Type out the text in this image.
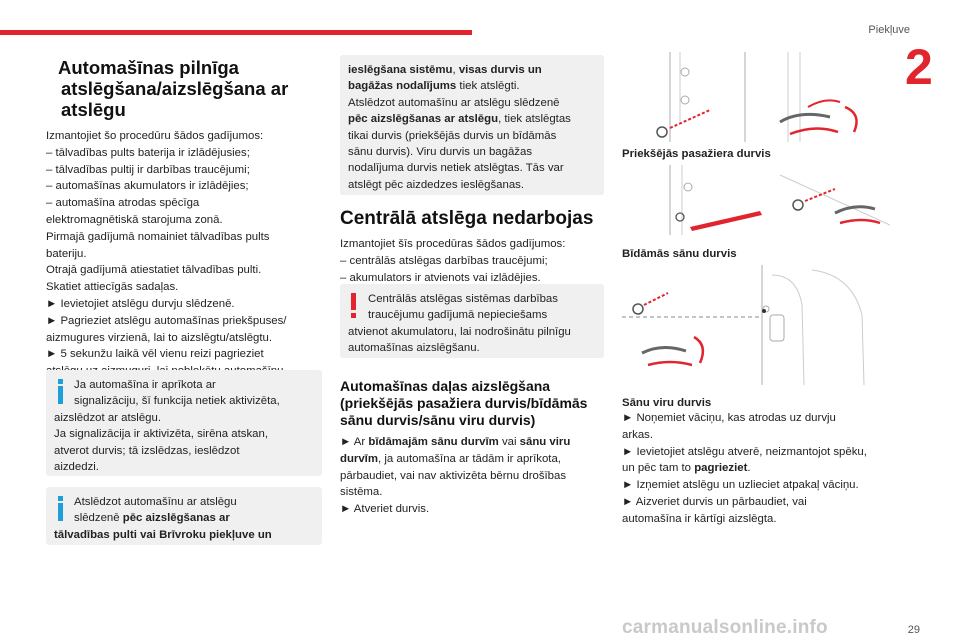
Piekļuve
2
Automašīnas pilnīga
atslēgšana/aizslēgšana ar
atslēgu
Izmantojiet šo procedūru šādos gadījumos:
– tālvadības pults baterija ir izlādējusies;
– tālvadības pultij ir darbības traucējumi;
– automašīnas akumulators ir izlādējies;
– automašīna atrodas spēcīga
elektromagnētiskā starojuma zonā.
Pirmajā gadījumā nomainiet tālvadības pults
bateriju.
Otrajā gadījumā atiestatiet tālvadības pulti.
Skatiet attiecīgās sadaļas.
► Ievietojiet atslēgu durvju slēdzenē.
► Pagrieziet atslēgu automašīnas priekšpuses/
aizmugures virzienā, lai to aizslēgtu/atslēgtu.
► 5 sekunžu laikā vēl vienu reizi pagrieziet
Ja automašīna ir aprīkota ar
signalizāciju, šī funkcija netiek aktivizēta,
aizslēdzot ar atslēgu.
Ja signalizācija ir aktivizēta, sirēna atskan,
atverot durvis; tā izslēdzas, ieslēdzot
aizdedzi.
Atslēdzot automašīnu ar atslēgu
slēdzenē pēc aizslēgšanas ar
tālvadības pulti vai Brīvroku piekļuve un
ieslēgšana sistēmu, visas durvis un
bagāžas nodalījums tiek atslēgti.
Atslēdzot automašīnu ar atslēgu slēdzenē
pēc aizslēgšanas ar atslēgu, tiek atslēgtas
tikai durvis (priekšējās durvis un bīdāmās
sānu durvis). Viru durvis un bagāžas
nodalījuma durvis netiek atslēgtas. Tās var
atslēgt pēc aizdedzes ieslēgšanas.
Centrālā atslēga nedarbojas
Izmantojiet šīs procedūras šādos gadījumos:
– centrālās atslēgas darbības traucējumi;
– akumulators ir atvienots vai izlādējies.
Centrālās atslēgas sistēmas darbības
traucējumu gadījumā nepieciešams
atvienot akumulatoru, lai nodrošinātu pilnīgu
automašīnas aizslēgšanu.
Automašīnas daļas aizslēgšana
(priekšējās pasažiera durvis/bīdāmās
sānu durvis/sānu viru durvis)
► Ar bīdāmajām sānu durvīm vai sānu viru
durvīm, ja automašīna ar tādām ir aprīkota,
pārbaudiet, vai nav aktivizēta bērnu drošības
sistēma.
► Atveriet durvis.
Priekšējās pasažiera durvis
Bīdāmās sānu durvis
Sānu viru durvis
► Noņemiet vāciņu, kas atrodas uz durvju
arkas.
► Ievietojiet atslēgu atverē, neizmantojot spēku,
un pēc tam to pagrieziet.
► Izņemiet atslēgu un uzlieciet atpakaļ vāciņu.
► Aizveriet durvis un pārbaudiet, vai
automašīna ir kārtīgi aizslēgta.
carmanualsonline.info	29
